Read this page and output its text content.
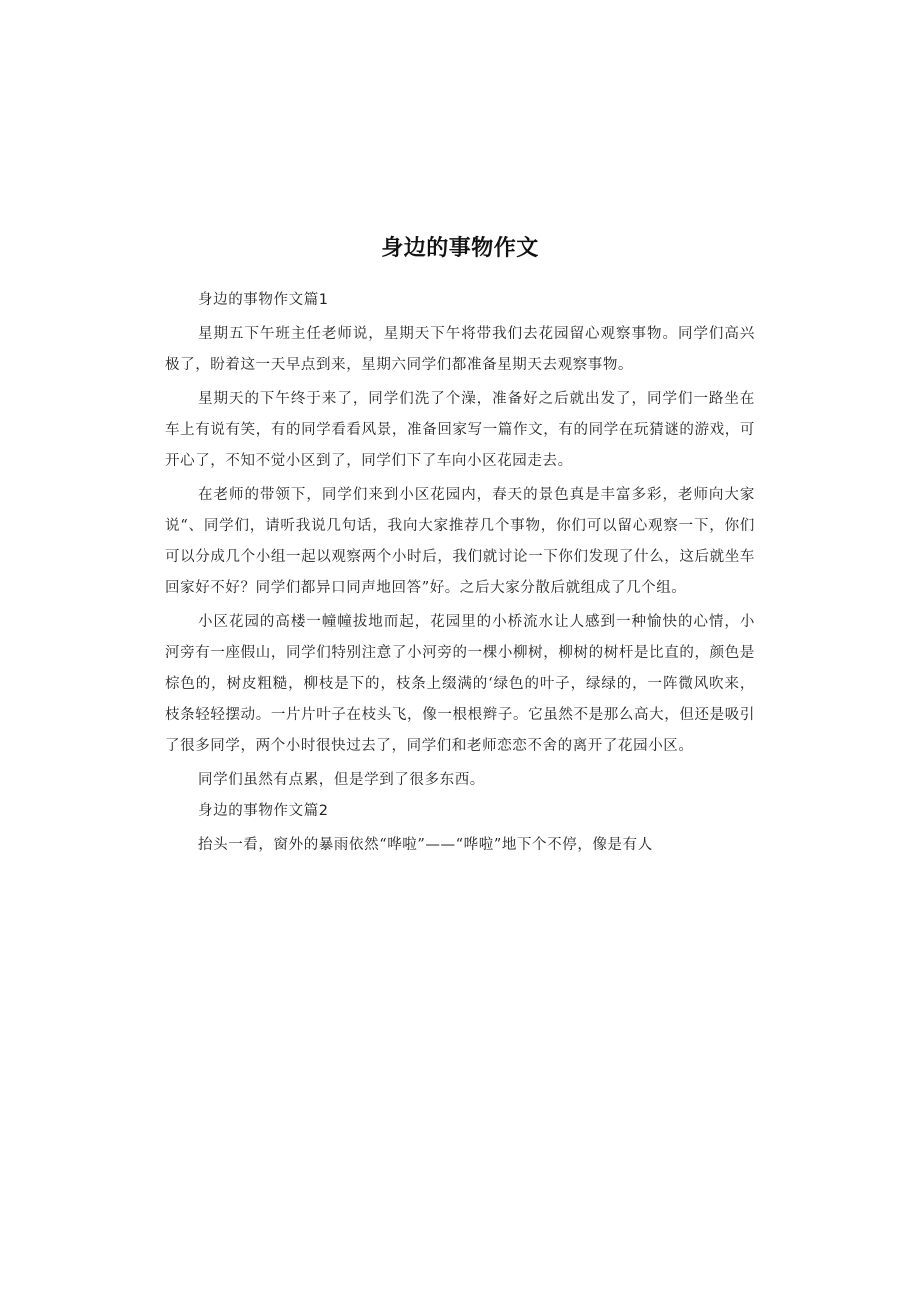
身边的事物作文

身边的事物作文篇1

星期五下午班主任老师说，星期天下午将带我们去花园留心观察事物。同学们高兴极了，盼着这一天早点到来，星期六同学们都准备星期天去观察事物。

星期天的下午终于来了，同学们洗了个澡，准备好之后就出发了，同学们一路坐在车上有说有笑，有的同学看看风景，准备回家写一篇作文，有的同学在玩猜谜的游戏，可开心了，不知不觉小区到了，同学们下了车向小区花园走去。

在老师的带领下，同学们来到小区花园内，春天的景色真是丰富多彩，老师向大家说“、同学们，请听我说几句话，我向大家推荐几个事物，你们可以留心观察一下，你们可以分成几个小组一起以观察两个小时后，我们就讨论一下你们发现了什么，这后就坐车回家好不好？同学们都异口同声地回答”好。之后大家分散后就组成了几个组。

小区花园的高楼一幢幢拔地而起，花园里的小桥流水让人感到一种愉快的心情，小河旁有一座假山，同学们特别注意了小河旁的一棵小柳树，柳树的树杆是比直的，颜色是棕色的，树皮粗糙，柳枝是下的，枝条上缀满的‘绿色的叶子，绿绿的，一阵微风吹来，枝条轻轻摆动。一片片叶子在枝头飞，像一根根辫子。它虽然不是那么高大，但还是吸引了很多同学，两个小时很快过去了，同学们和老师恋恋不舍的离开了花园小区。

同学们虽然有点累，但是学到了很多东西。

身边的事物作文篇2

抬头一看，窗外的暴雨依然“哗啦”——“哗啦”地下个不停，像是有人
